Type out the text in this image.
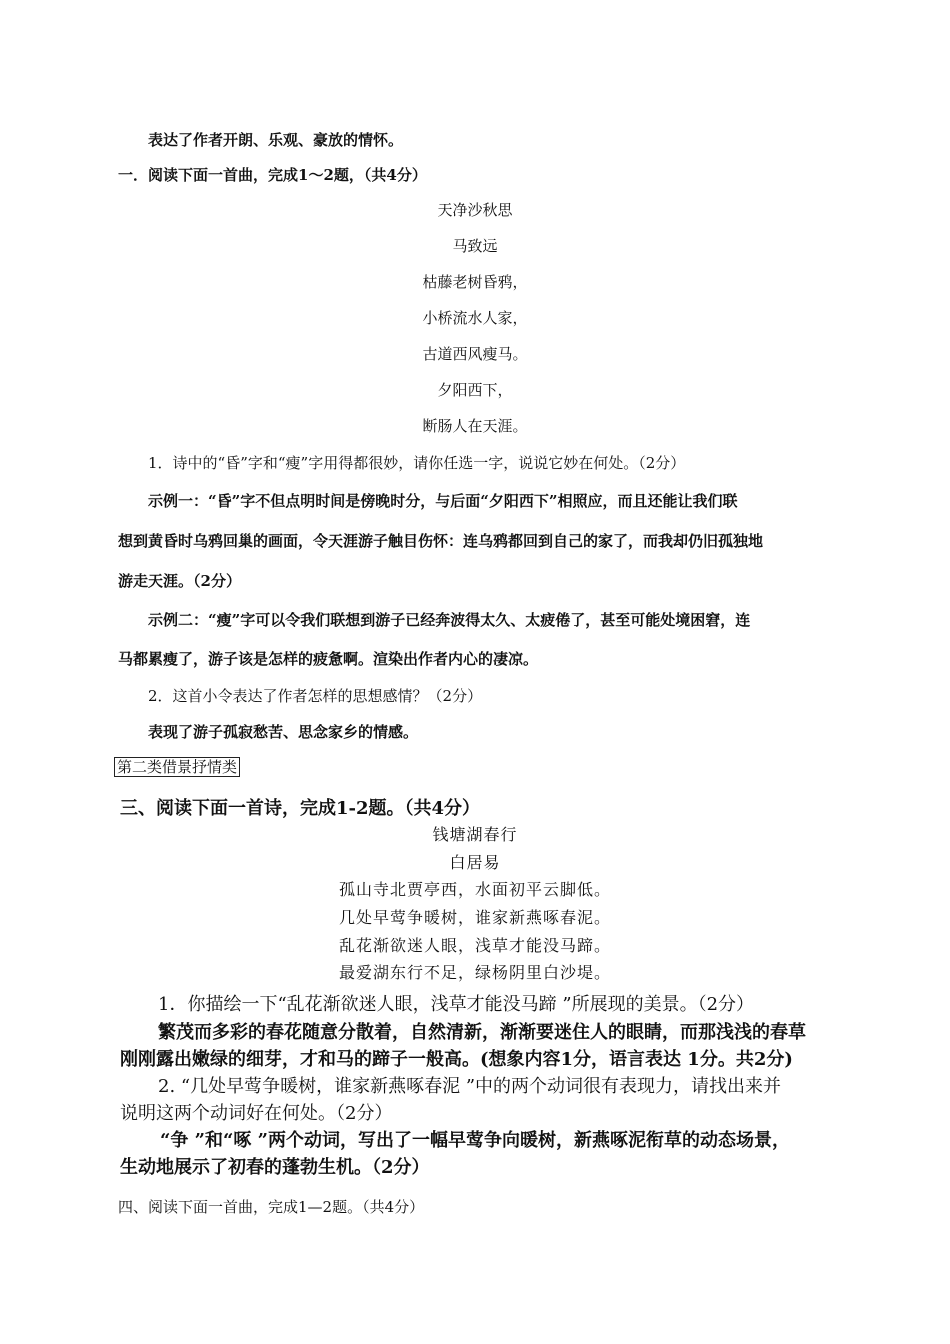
表达了作者开朗、乐观、豪放的情怀。
一．阅读下面一首曲，完成1～2题，（共4分）
天净沙秋思
马致远
枯藤老树昏鸦，
小桥流水人家，
古道西风瘦马。
夕阳西下，
断肠人在天涯。
1．诗中的“昏”字和“瘦”字用得都很妙，请你任选一字，说说它妙在何处。（2分）
示例一：“昏”字不但点明时间是傍晚时分，与后面“夕阳西下”相照应，而且还能让我们联
想到黄昏时乌鸦回巢的画面，令天涯游子触目伤怀：连乌鸦都回到自己的家了，而我却仍旧孤独地
游走天涯。（2分）
示例二：“瘦”字可以令我们联想到游子已经奔波得太久、太疲倦了，甚至可能处境困窘，连
马都累瘦了，游子该是怎样的疲惫啊。渲染出作者内心的凄凉。
2．这首小令表达了作者怎样的思想感情？（2分）
表现了游子孤寂愁苦、思念家乡的情感。
第二类借景抒情类
三、阅读下面一首诗，完成1-2题。（共4分）
钱塘湖春行
白居易
孤山寺北贾亭西，水面初平云脚低。
几处早莺争暖树，谁家新燕啄春泥。
乱花渐欲迷人眼，浅草才能没马蹄。
最爱湖东行不足，绿杨阴里白沙堤。
1．你描绘一下“乱花渐欲迷人眼，浅草才能没马蹄 ”所展现的美景。（2分）
繁茂而多彩的春花随意分散着，自然清新，渐渐要迷住人的眼睛，而那浅浅的春草
刚刚露出嫩绿的细芽，才和马的蹄子一般高。(想象内容1分，语言表达 1分。共2分)
2. “几处早莺争暖树，谁家新燕啄春泥 ”中的两个动词很有表现力，请找出来并
说明这两个动词好在何处。（2分）
“争 ”和“啄 ”两个动词，写出了一幅早莺争向暖树，新燕啄泥衔草的动态场景，
生动地展示了初春的蓬勃生机。（2分）
四、阅读下面一首曲，完成1—2题。（共4分）
